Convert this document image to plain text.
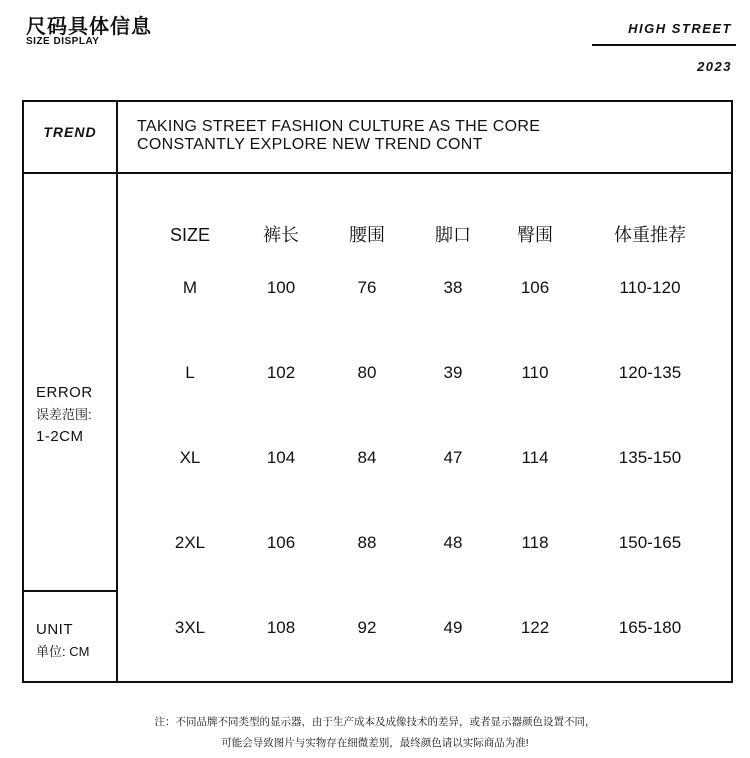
尺码具体信息
SIZE DISPLAY
HIGH STREET
2023
TREND	TAKING STREET FASHION CULTURE AS THE CORE
CONSTANTLY EXPLORE NEW TREND CONT
ERROR
误差范围:
1-2CM
UNIT
单位: CM
SIZE	裤长	腰围	脚口	臀围	体重推荐
M	100	76	38	106	110-120
L	102	80	39	110	120-135
XL	104	84	47	114	135-150
2XL	106	88	48	118	150-165
3XL	108	92	49	122	165-180
注：不同品牌不同类型的显示器，由于生产成本及成像技术的差异，或者显示器颜色设置不同，
可能会导致图片与实物存在细微差别，最终颜色请以实际商品为准!
